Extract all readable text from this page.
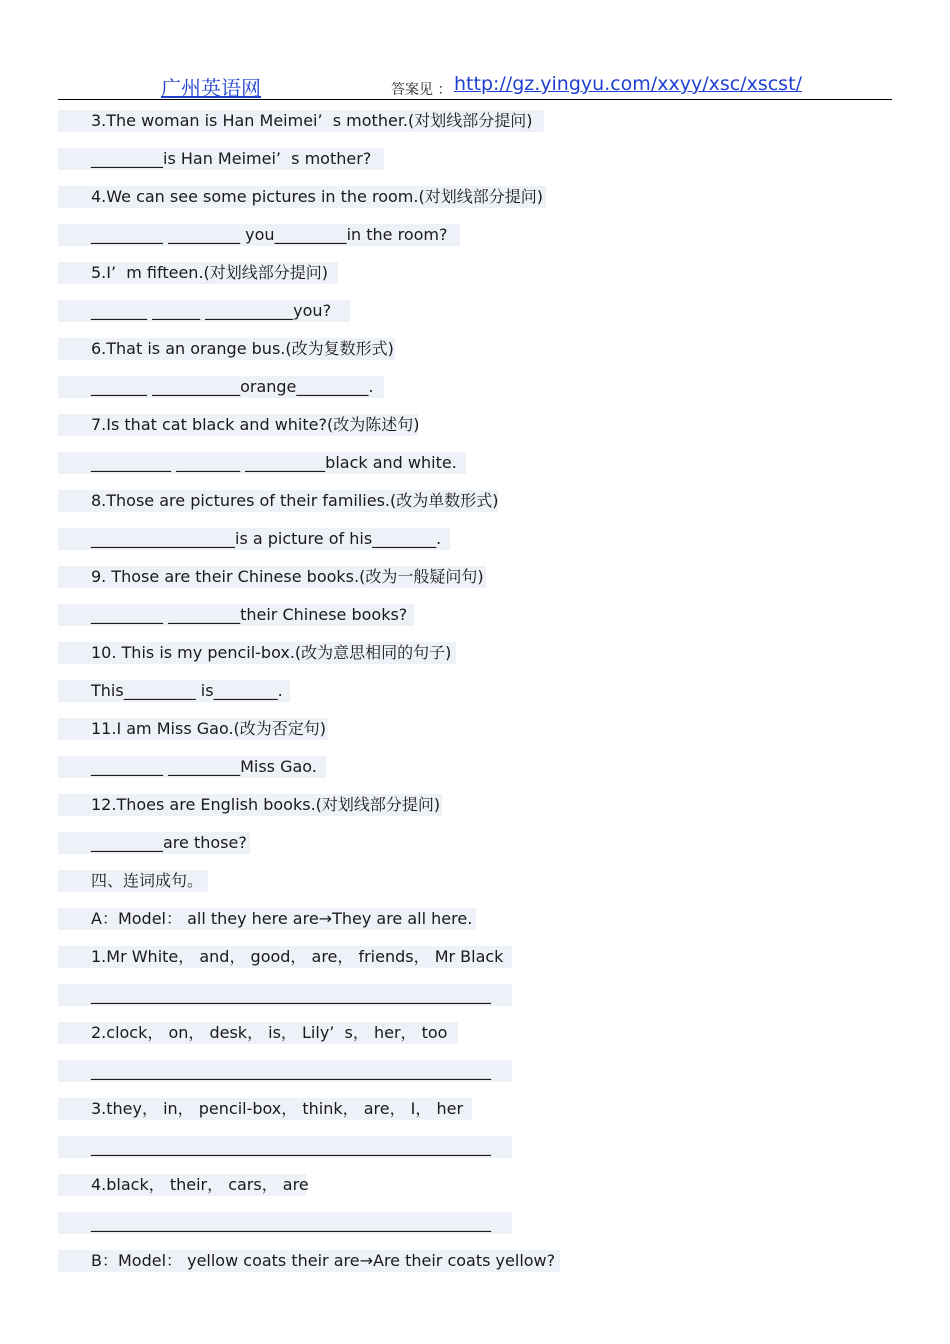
广州英语网	答案见 ： http://gz.yingyu.com/xxyy/xsc/xscst/
3.The woman is Han Meimei’  s mother.(对划线部分提问)
_________is Han Meimei’  s mother?
4.We can see some pictures in the room.(对划线部分提问)
_________ _________ you_________in the room?
5.I’  m fifteen.(对划线部分提问)
_______ ______ ___________you?
6.That is an orange bus.(改为复数形式)
_______ ___________orange_________.
7.Is that cat black and white?(改为陈述句)
__________ ________ __________black and white.
8.Those are pictures of their families.(改为单数形式)
__________________is a picture of his________.
9. Those are their Chinese books.(改为一般疑问句)
_________ _________their Chinese books?
10. This is my pencil-box.(改为意思相同的句子)
This_________ is________.
11.I am Miss Gao.(改为否定句)
_________ _________Miss Gao.
12.Thoes are English books.(对划线部分提问)
_________are those?
四、连词成句。
A：Model： all they here are→They are all here.
1.Mr White， and， good， are， friends， Mr Black
__________________________________________________
2.clock， on， desk， is， Lily’  s， her， too
__________________________________________________
3.they， in， pencil-box， think， are， I， her
__________________________________________________
4.black， their， cars， are
__________________________________________________
B：Model： yellow coats their are→Are their coats yellow?
